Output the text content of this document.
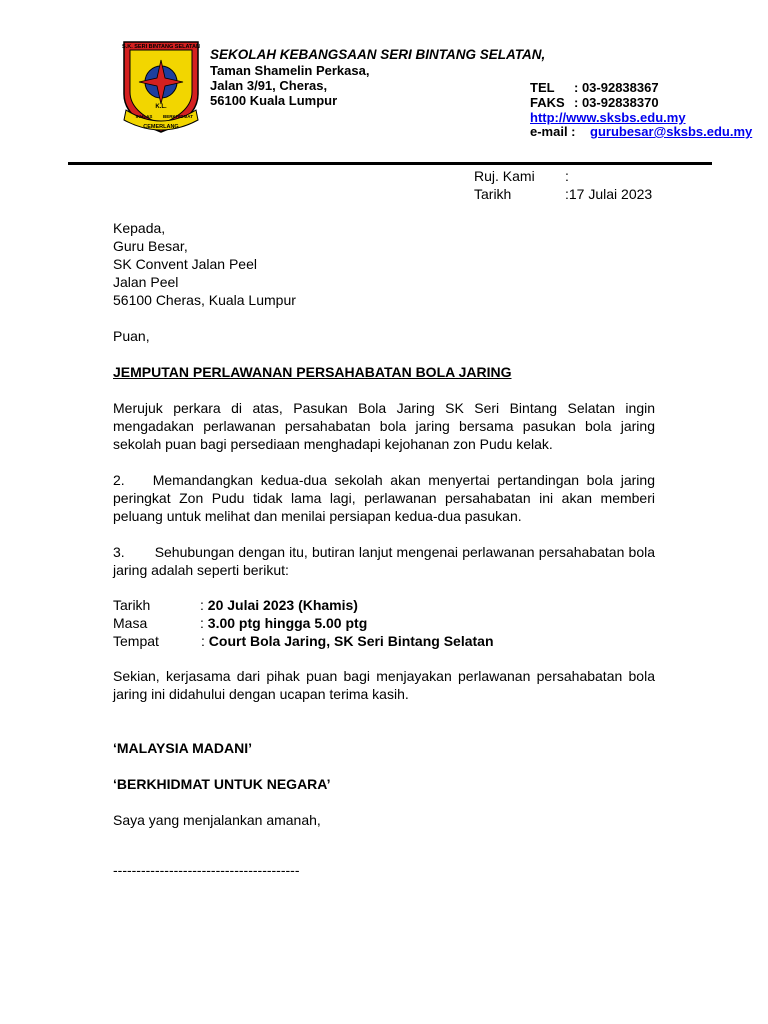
S.K. SERI BINTANG SELATAN
K.L.
IKHLAS BERKHIDMAT
CEMERLANG
SEKOLAH KEBANGSAAN SERI BINTANG SELATAN,
Taman Shamelin Perkasa,
Jalan 3/91, Cheras,
56100 Kuala Lumpur
TEL : 03-92838367
FAKS : 03-92838370
http://www.sksbs.edu.my
e-mail : gurubesar@sksbs.edu.my
Ruj. Kami :
Tarikh	:17 Julai 2023
Kepada,
Guru Besar,
SK Convent Jalan Peel
Jalan Peel
56100 Cheras, Kuala Lumpur
Puan,
JEMPUTAN PERLAWANAN PERSAHABATAN BOLA JARING
Merujuk perkara di atas, Pasukan Bola Jaring SK Seri Bintang Selatan ingin mengadakan perlawanan persahabatan bola jaring bersama pasukan bola jaring sekolah puan bagi persediaan menghadapi kejohanan zon Pudu kelak.
2. Memandangkan kedua-dua sekolah akan menyertai pertandingan bola jaring peringkat Zon Pudu tidak lama lagi, perlawanan persahabatan ini akan memberi peluang untuk melihat dan menilai persiapan kedua-dua pasukan.
3. Sehubungan dengan itu, butiran lanjut mengenai perlawanan persahabatan bola jaring adalah seperti berikut:
Tarikh	: 20 Julai 2023 (Khamis)
Masa	: 3.00 ptg hingga 5.00 ptg
Tempat	: Court Bola Jaring, SK Seri Bintang Selatan
Sekian, kerjasama dari pihak puan bagi menjayakan perlawanan persahabatan bola jaring ini didahului dengan ucapan terima kasih.
‘MALAYSIA MADANI’
‘BERKHIDMAT UNTUK NEGARA’
Saya yang menjalankan amanah,
----------------------------------------
